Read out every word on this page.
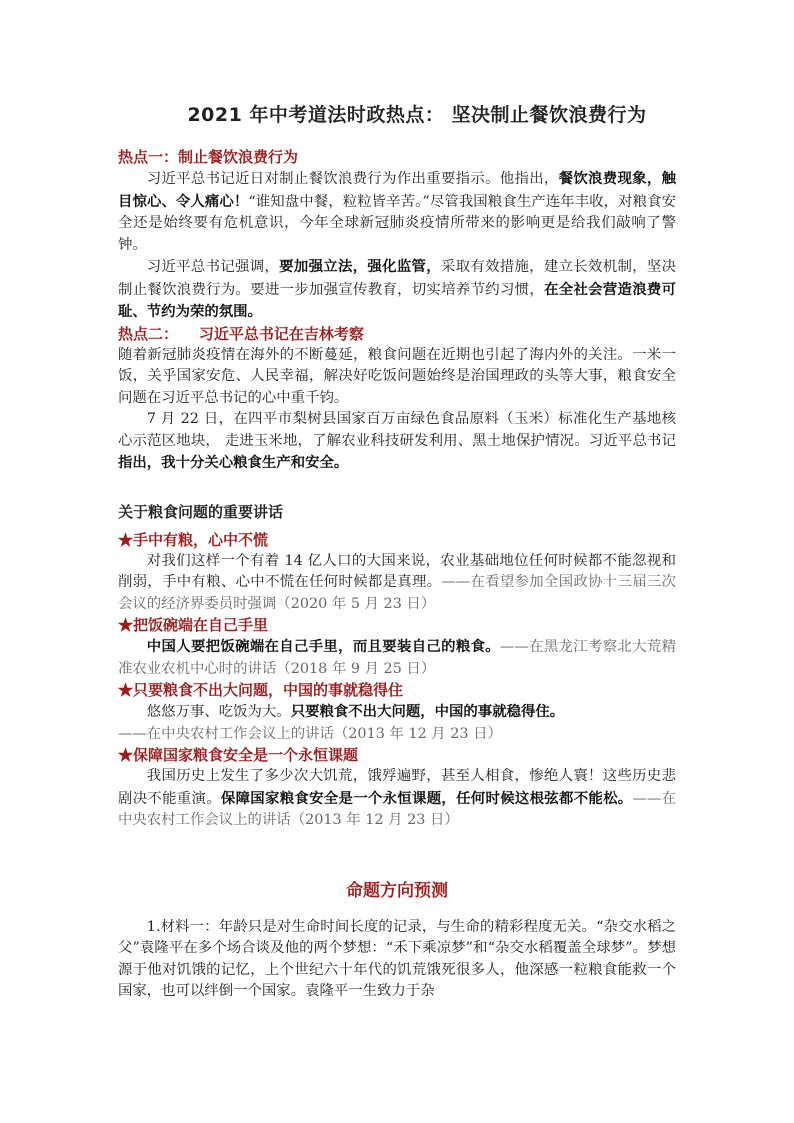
2021 年中考道法时政热点： 坚决制止餐饮浪费行为
热点一：制止餐饮浪费行为

习近平总书记近日对制止餐饮浪费行为作出重要指示。他指出，餐饮浪费现象，触目惊心、令人痛心！“谁知盘中餐，粒粒皆辛苦。”尽管我国粮食生产连年丰收，对粮食安全还是始终要有危机意识，今年全球新冠肺炎疫情所带来的影响更是给我们敲响了警钟。

习近平总书记强调，要加强立法，强化监管，采取有效措施，建立长效机制，坚决制止餐饮浪费行为。要进一步加强宣传教育，切实培养节约习惯，在全社会营造浪费可耻、节约为荣的氛围。

热点二：    习近平总书记在吉林考察

随着新冠肺炎疫情在海外的不断蔓延，粮食问题在近期也引起了海内外的关注。一米一饭，关乎国家安危、人民幸福，解决好吃饭问题始终是治国理政的头等大事，粮食安全问题在习近平总书记的心中重千钧。

7 月 22 日，在四平市梨树县国家百万亩绿色食品原料（玉米）标准化生产基地核心示范区地块， 走进玉米地，了解农业科技研发利用、黑土地保护情况。习近平总书记指出，我十分关心粮食生产和安全。

关于粮食问题的重要讲话
★手中有粮，心中不慌

对我们这样一个有着 14 亿人口的大国来说，农业基础地位任何时候都不能忽视和削弱，手中有粮、心中不慌在任何时候都是真理。——在看望参加全国政协十三届三次会议的经济界委员时强调（2020 年 5 月 23 日）

★把饭碗端在自己手里

中国人要把饭碗端在自己手里，而且要装自己的粮食。——在黑龙江考察北大荒精准农业农机中心时的讲话（2018 年 9 月 25 日）

★只要粮食不出大问题，中国的事就稳得住

悠悠万事、吃饭为大。只要粮食不出大问题，中国的事就稳得住。

——在中央农村工作会议上的讲话（2013 年 12 月 23 日）

★保障国家粮食安全是一个永恒课题

我国历史上发生了多少次大饥荒，饿殍遍野，甚至人相食，惨绝人寰！这些历史悲剧决不能重演。保障国家粮食安全是一个永恒课题，任何时候这根弦都不能松。——在中央农村工作会议上的讲话（2013 年 12 月 23 日）

命题方向预测

1.材料一：年龄只是对生命时间长度的记录，与生命的精彩程度无关。“杂交水稻之父”袁隆平在多个场合谈及他的两个梦想：“禾下乘凉梦”和“杂交水稻覆盖全球梦”。梦想源于他对饥饿的记忆，上个世纪六十年代的饥荒饿死很多人，他深感一粒粮食能救一个国家，也可以绊倒一个国家。袁隆平一生致力于杂
